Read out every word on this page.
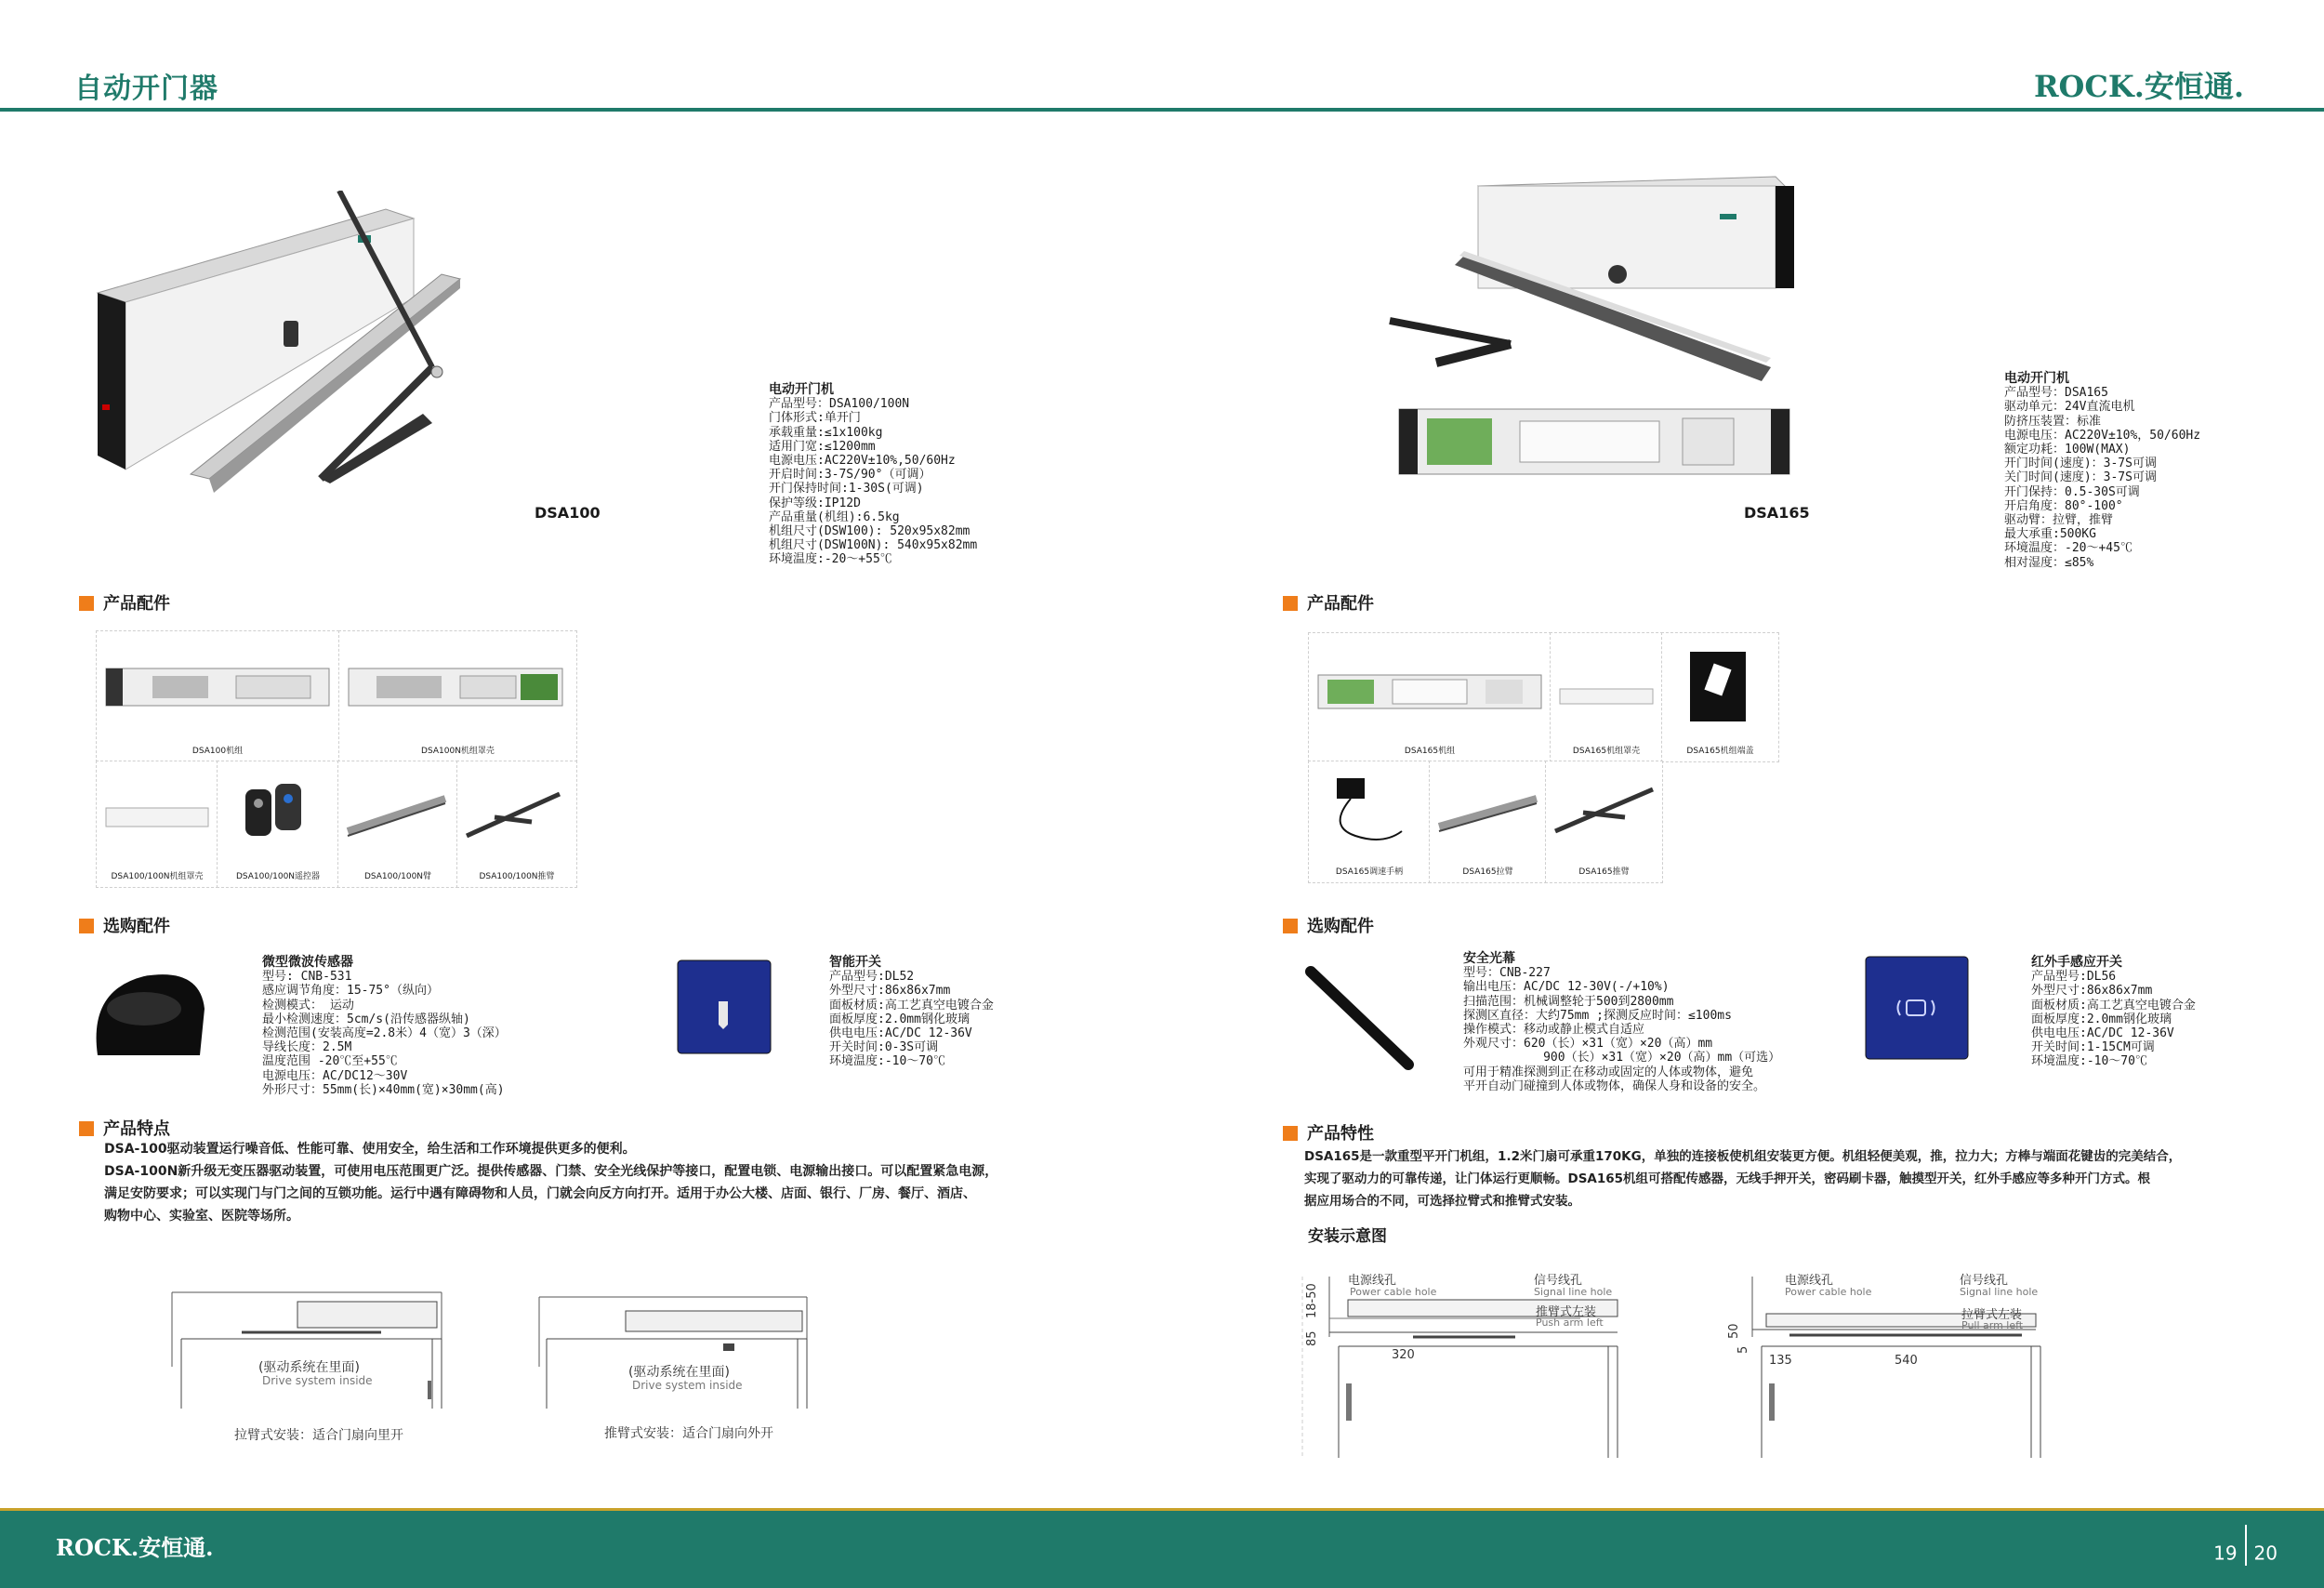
自动开门器	ROCK.安恒通.
DSA100
电动开门机
产品型号：DSA100/100N
门体形式:单开门
承载重量:≤1x100kg
适用门宽:≤1200mm
电源电压:AC220V±10%,50/60Hz
开启时间:3-7S/90°（可调）
开门保持时间:1-30S(可调)
保护等级:IP12D
产品重量(机组):6.5kg
机组尺寸(DSW100): 520x95x82mm
机组尺寸(DSW100N): 540x95x82mm
环境温度:-20～+55℃
产品配件
DSA100机组	DSA100N机组罩壳
DSA100/100N机组罩壳	DSA100/100N遥控器	DSA100/100N臂	DSA100/100N推臂
选购配件
微型微波传感器
型号: CNB-531
感应调节角度：15-75°（纵向）
检测模式： 运动
最小检测速度：5cm/s(沿传感器纵轴)
检测范围(安装高度=2.8米）4（宽）3（深）
导线长度：2.5M
温度范围 -20℃至+55℃
电源电压：AC/DC12～30V
外形尺寸：55mm(长)×40mm(宽)×30mm(高)
智能开关
产品型号:DL52
外型尺寸:86x86x7mm
面板材质:高工艺真空电镀合金
面板厚度:2.0mm钢化玻璃
供电电压:AC/DC 12-36V
开关时间:0-3S可调
环境温度:-10～70℃
产品特点
DSA-100驱动装置运行噪音低、性能可靠、使用安全，给生活和工作环境提供更多的便利。
DSA-100N新升级无变压器驱动装置，可使用电压范围更广泛。提供传感器、门禁、安全光线保护等接口，配置电锁、电源输出接口。可以配置紧急电源，
满足安防要求；可以实现门与门之间的互锁功能。运行中遇有障碍物和人员，门就会向反方向打开。适用于办公大楼、店面、银行、厂房、餐厅、酒店、
购物中心、实验室、医院等场所。
(驱动系统在里面)
Drive system inside
拉臂式安装：适合门扇向里开
(驱动系统在里面)
Drive system inside
推臂式安装：适合门扇向外开
DSA165
电动开门机
产品型号：DSA165
驱动单元：24V直流电机
防挤压装置：标准
电源电压：AC220V±10%，50/60Hz
额定功耗：100W(MAX)
开门时间(速度)：3-7S可调
关门时间(速度)：3-7S可调
开门保持：0.5-30S可调
开启角度：80°-100°
驱动臂：拉臂，推臂
最大承重:500KG
环境温度：-20～+45℃
相对湿度：≤85%
产品配件
DSA165机组	DSA165机组罩壳	DSA165机组端盖
DSA165调速手柄	DSA165拉臂	DSA165推臂
选购配件
安全光幕
型号：CNB-227
输出电压：AC/DC 12-30V(-/+10%)
扫描范围：机械调整轮于500到2800mm
探测区直径：大约75mm ;探测反应时间：≤100ms
操作模式：移动或静止模式自适应
外观尺寸：620（长）×31（宽）×20（高）mm
900（长）×31（宽）×20（高）mm（可选）
可用于精准探测到正在移动或固定的人体或物体，避免
平开自动门碰撞到人体或物体，确保人身和设备的安全。
红外手感应开关
产品型号:DL56
外型尺寸:86x86x7mm
面板材质:高工艺真空电镀合金
面板厚度:2.0mm钢化玻璃
供电电压:AC/DC 12-36V
开关时间:1-15CM可调
环境温度:-10～70℃
产品特性
DSA165是一款重型平开门机组，1.2米门扇可承重170KG，单独的连接板使机组安装更方便。机组轻便美观，推，拉力大；方棒与端面花键齿的完美结合，
实现了驱动力的可靠传递，让门体运行更顺畅。DSA165机组可搭配传感器，无线手押开关，密码刷卡器，触摸型开关，红外手感应等多种开门方式。根
据应用场合的不同，可选择拉臂式和推臂式安装。
安装示意图
18-50
85
320
电源线孔
Power cable hole
信号线孔
Signal line hole
推臂式左装
Push arm left
50
5
135	540
电源线孔
Power cable hole
信号线孔
Signal line hole
拉臂式左装
Pull arm left
ROCK.安恒通.	19 20
